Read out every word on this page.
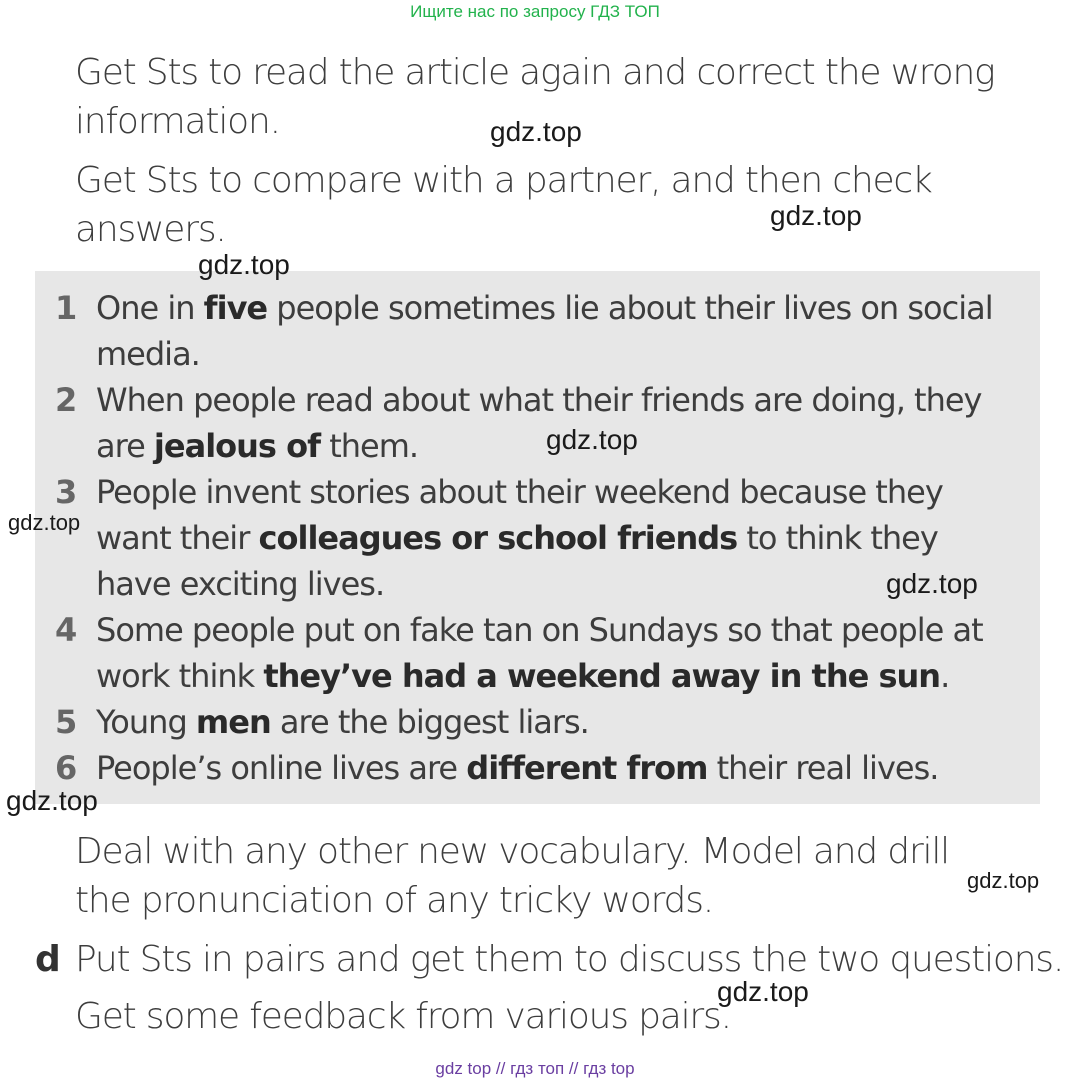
Ищите нас по запросу ГДЗ ТОП

Get Sts to read the article again and correct the wrong information.

Get Sts to compare with a partner, and then check answers.

1 One in five people sometimes lie about their lives on social media.
2 When people read about what their friends are doing, they are jealous of them.
3 People invent stories about their weekend because they want their colleagues or school friends to think they have exciting lives.
4 Some people put on fake tan on Sundays so that people at work think they’ve had a weekend away in the sun.
5 Young men are the biggest liars.
6 People’s online lives are different from their real lives.

Deal with any other new vocabulary. Model and drill the pronunciation of any tricky words.

d Put Sts in pairs and get them to discuss the two questions.

Get some feedback from various pairs.

gdz.top
gdz.top
gdz.top
gdz.top
gdz.top
gdz.top
gdz.top
gdz.top
gdz.top
gdz top // гдз топ // гдз top
